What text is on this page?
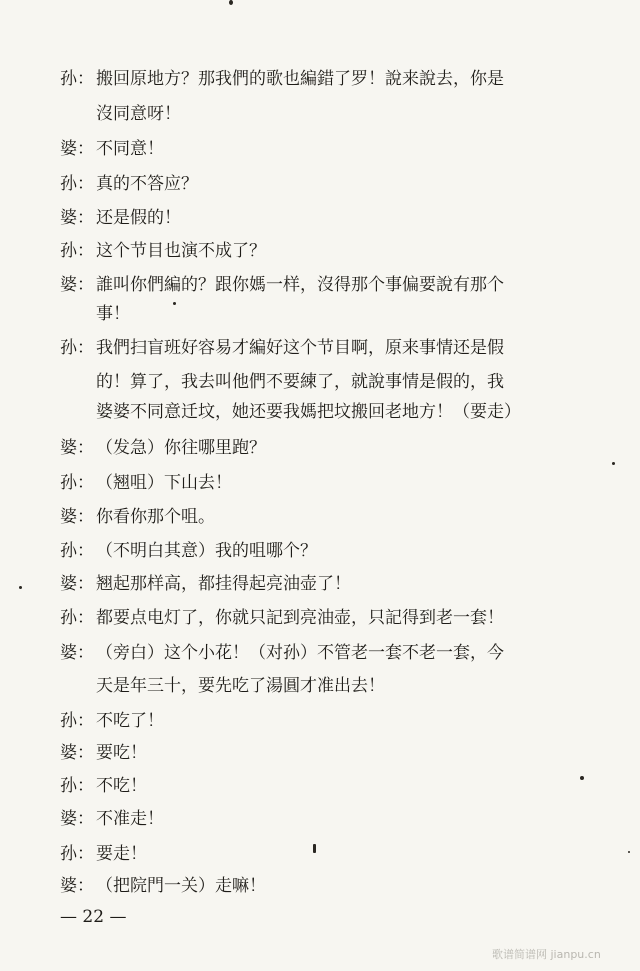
孙： 搬回原地方？那我們的歌也編錯了罗！說来說去，你是
沒同意呀！
婆： 不同意！
孙： 真的不答应？
婆： 还是假的！
孙： 这个节目也演不成了？
婆： 誰叫你們編的？跟你媽一样，沒得那个事偏要說有那个
事！
孙： 我們扫盲班好容易才編好这个节目啊，原来事情还是假
的！算了，我去叫他們不要練了，就說事情是假的，我
婆婆不同意迁坟，她还要我媽把坟搬回老地方！（要走）
婆： （发急）你往哪里跑？
孙： （翘咀）下山去！
婆： 你看你那个咀。
孙： （不明白其意）我的咀哪个？
婆： 翘起那样高，都挂得起亮油壶了！
孙： 都要点电灯了，你就只記到亮油壶，只記得到老一套！
婆： （旁白）这个小花！（对孙）不管老一套不老一套，今
天是年三十，要先吃了湯圓才准出去！
孙： 不吃了！
婆： 要吃！
孙： 不吃！
婆： 不准走！
孙： 要走！
婆： （把院門一关）走嘛！
— 22 —
歌谱简谱网 jianpu.cn
